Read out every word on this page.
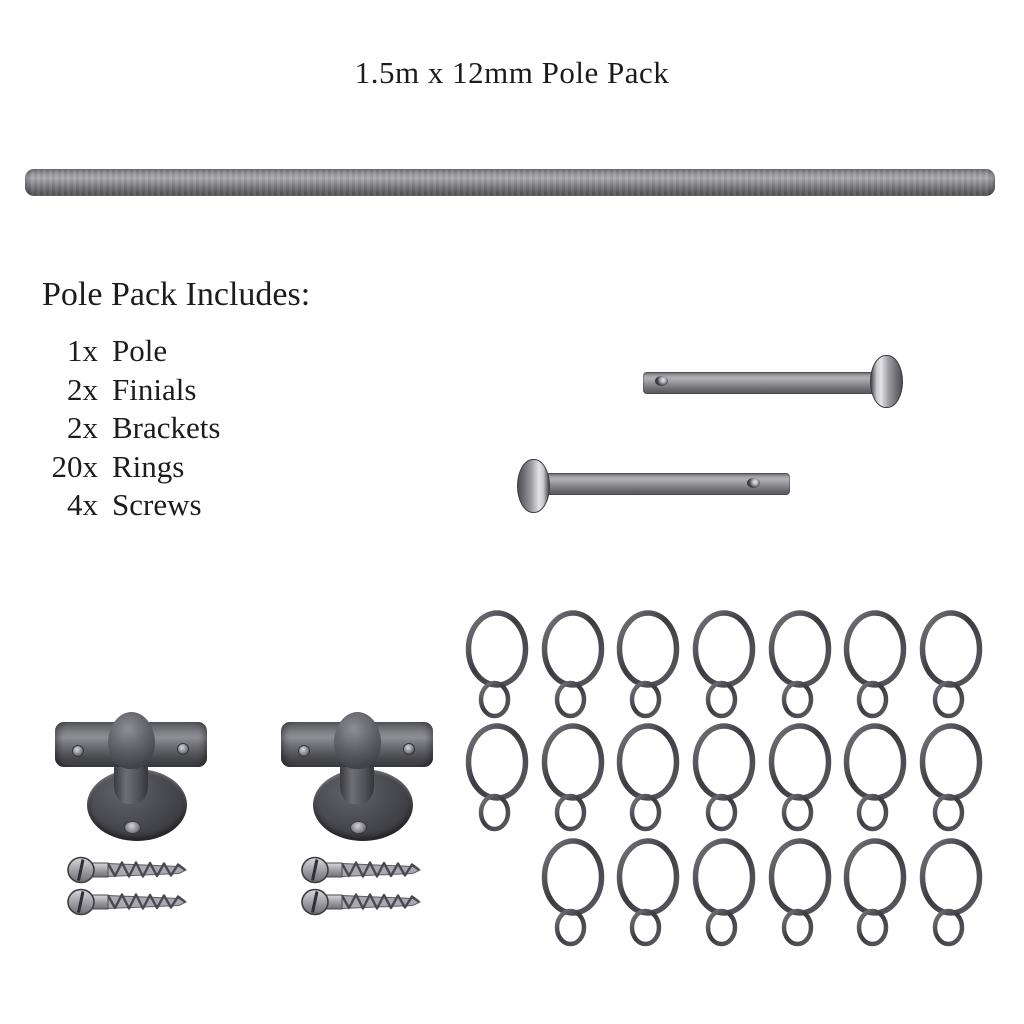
1.5m x 12mm Pole Pack
Pole Pack Includes:
1x Pole
2x Finials
2x Brackets
20x Rings
4x Screws
